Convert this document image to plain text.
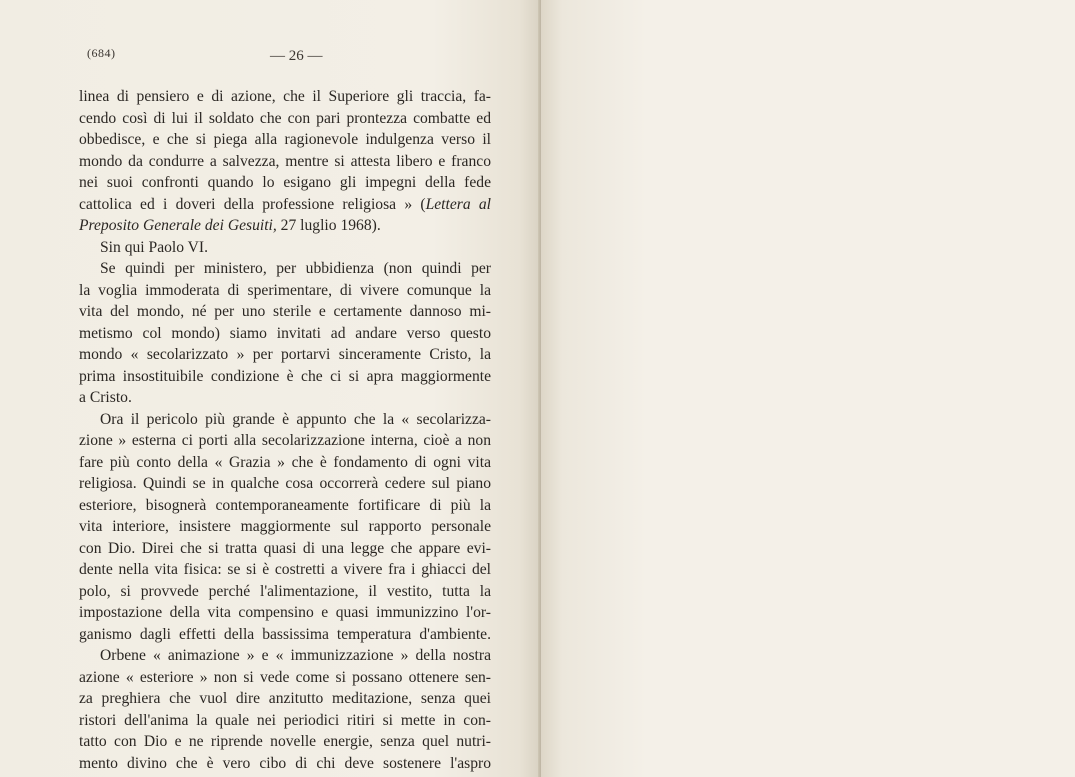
(684)	— 26 —
linea di pensiero e di azione, che il Superiore gli traccia, fa-
cendo così di lui il soldato che con pari prontezza combatte ed
obbedisce, e che si piega alla ragionevole indulgenza verso il
mondo da condurre a salvezza, mentre si attesta libero e franco
nei suoi confronti quando lo esigano gli impegni della fede
cattolica ed i doveri della professione religiosa » (Lettera al
Preposito Generale dei Gesuiti, 27 luglio 1968).
Sin qui Paolo VI.
Se quindi per ministero, per ubbidienza (non quindi per
la voglia immoderata di sperimentare, di vivere comunque la
vita del mondo, né per uno sterile e certamente dannoso mi-
metismo col mondo) siamo invitati ad andare verso questo
mondo « secolarizzato » per portarvi sinceramente Cristo, la
prima insostituibile condizione è che ci si apra maggiormente
a Cristo.
Ora il pericolo più grande è appunto che la « secolarizza-
zione » esterna ci porti alla secolarizzazione interna, cioè a non
fare più conto della « Grazia » che è fondamento di ogni vita
religiosa. Quindi se in qualche cosa occorrerà cedere sul piano
esteriore, bisognerà contemporaneamente fortificare di più la
vita interiore, insistere maggiormente sul rapporto personale
con Dio. Direi che si tratta quasi di una legge che appare evi-
dente nella vita fisica: se si è costretti a vivere fra i ghiacci del
polo, si provvede perché l'alimentazione, il vestito, tutta la
impostazione della vita compensino e quasi immunizzino l'or-
ganismo dagli effetti della bassissima temperatura d'ambiente.
Orbene « animazione » e « immunizzazione » della nostra
azione « esteriore » non si vede come si possano ottenere sen-
za preghiera che vuol dire anzitutto meditazione, senza quei
ristori dell'anima la quale nei periodici ritiri si mette in con-
tatto con Dio e ne riprende novelle energie, senza quel nutri-
mento divino che è vero cibo di chi deve sostenere l'aspro
